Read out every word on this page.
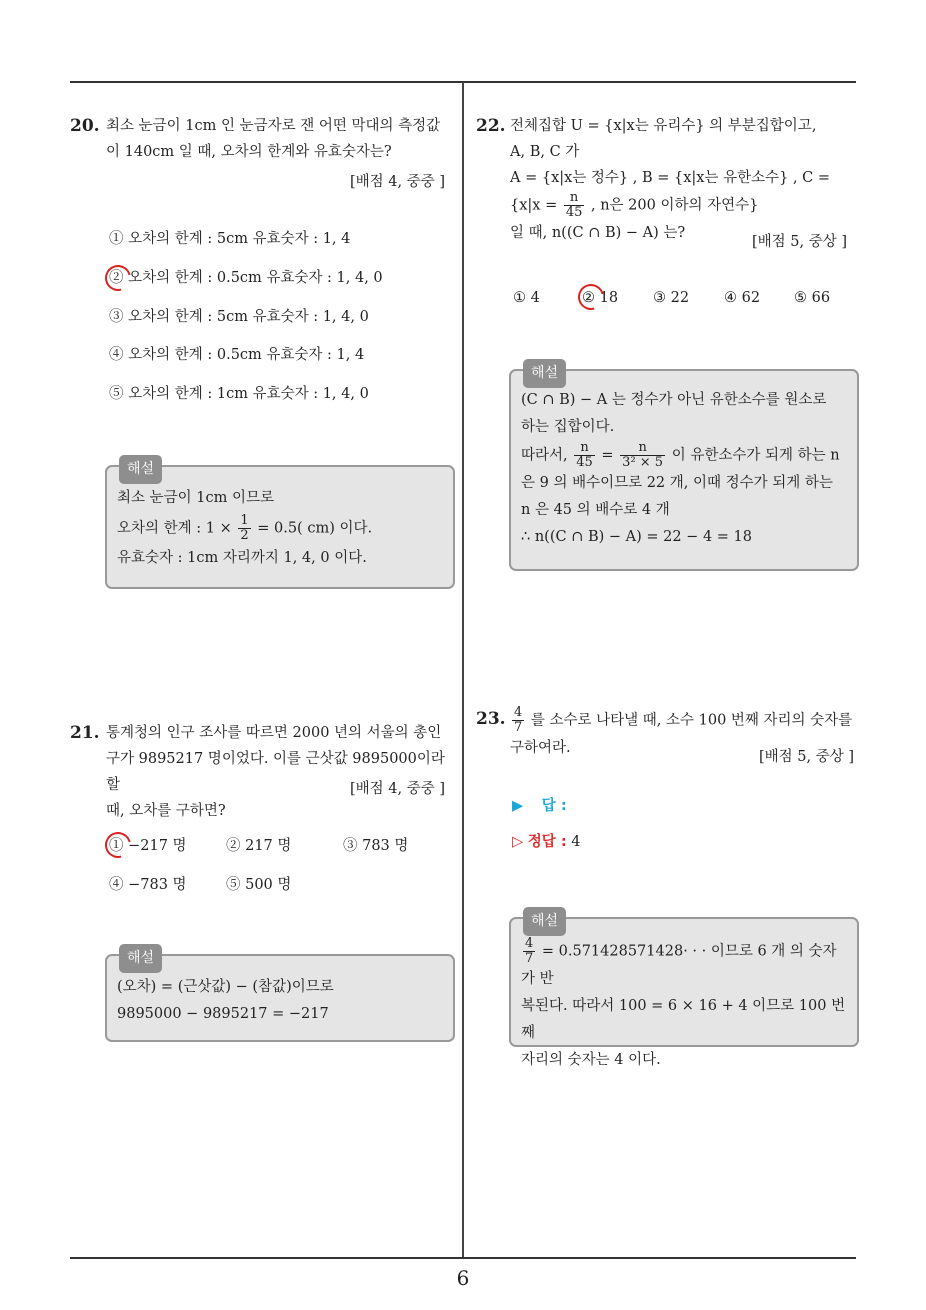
20. 최소 눈금이 1cm 인 눈금자로 잰 어떤 막대의 측정값
이 140cm 일 때, 오차의 한계와 유효숫자는?
[배점 4, 중중 ]
① 오차의 한계 : 5cm 유효숫자 : 1, 4
② 오차의 한계 : 0.5cm 유효숫자 : 1, 4, 0
③ 오차의 한계 : 5cm 유효숫자 : 1, 4, 0
④ 오차의 한계 : 0.5cm 유효숫자 : 1, 4
⑤ 오차의 한계 : 1cm 유효숫자 : 1, 4, 0
해설
최소 눈금이 1cm 이므로
오차의 한계 : $1 \times \frac{1}{2} = 0.5$( cm) 이다.
유효숫자 : 1cm 자리까지 1, 4, 0 이다.
21. 통계청의 인구 조사를 따르면 2000 년의 서울의 총인
구가 9895217 명이었다. 이를 근삿값 9895000이라 할
때, 오차를 구하면?
[배점 4, 중중 ]
① −217 명	② 217 명	③ 783 명
④ −783 명	⑤ 500 명
해설
(오차) = (근삿값) − (참값)이므로
9895000 − 9895217 = −217
22. 전체집합 U = {x|x는 유리수} 의 부분집합이고,
A, B, C 가
A = {x|x는 정수} , B = {x|x는 유한소수} , C =
{$x|x = \frac{n}{45}$ , n은 200 이하의 자연수}
일 때, n((C ∩ B) − A) 는?
[배점 5, 중상 ]
① 4	② 18 ③ 22 ④ 62 ⑤ 66
해설
(C ∩ B) − A 는 정수가 아닌 유한소수를 원소로
하는 집합이다.
따라서, $\frac{n}{45} = \frac{n}{\text{3² × 5}}$ 이 유한소수가 되게 하는 n
은 9 의 배수이므로 22 개, 이때 정수가 되게 하는
n 은 45 의 배수로 4 개
∴ n((C ∩ B) − A) = 22 − 4 = 18
23. $\frac{4}{7}$ 를 소수로 나타낼 때, 소수 100 번째 자리의 숫자를
구하여라.
[배점 5, 중상 ]
▶ 답 :
▷ 정답 : 4
해설
$\frac{4}{7} = 0.571428571428\cdot$ · · 이므로 6 개 의 숫자가 반
복된다. 따라서 100 = 6 × 16 + 4 이므로 100 번째
자리의 숫자는 4 이다.
6
